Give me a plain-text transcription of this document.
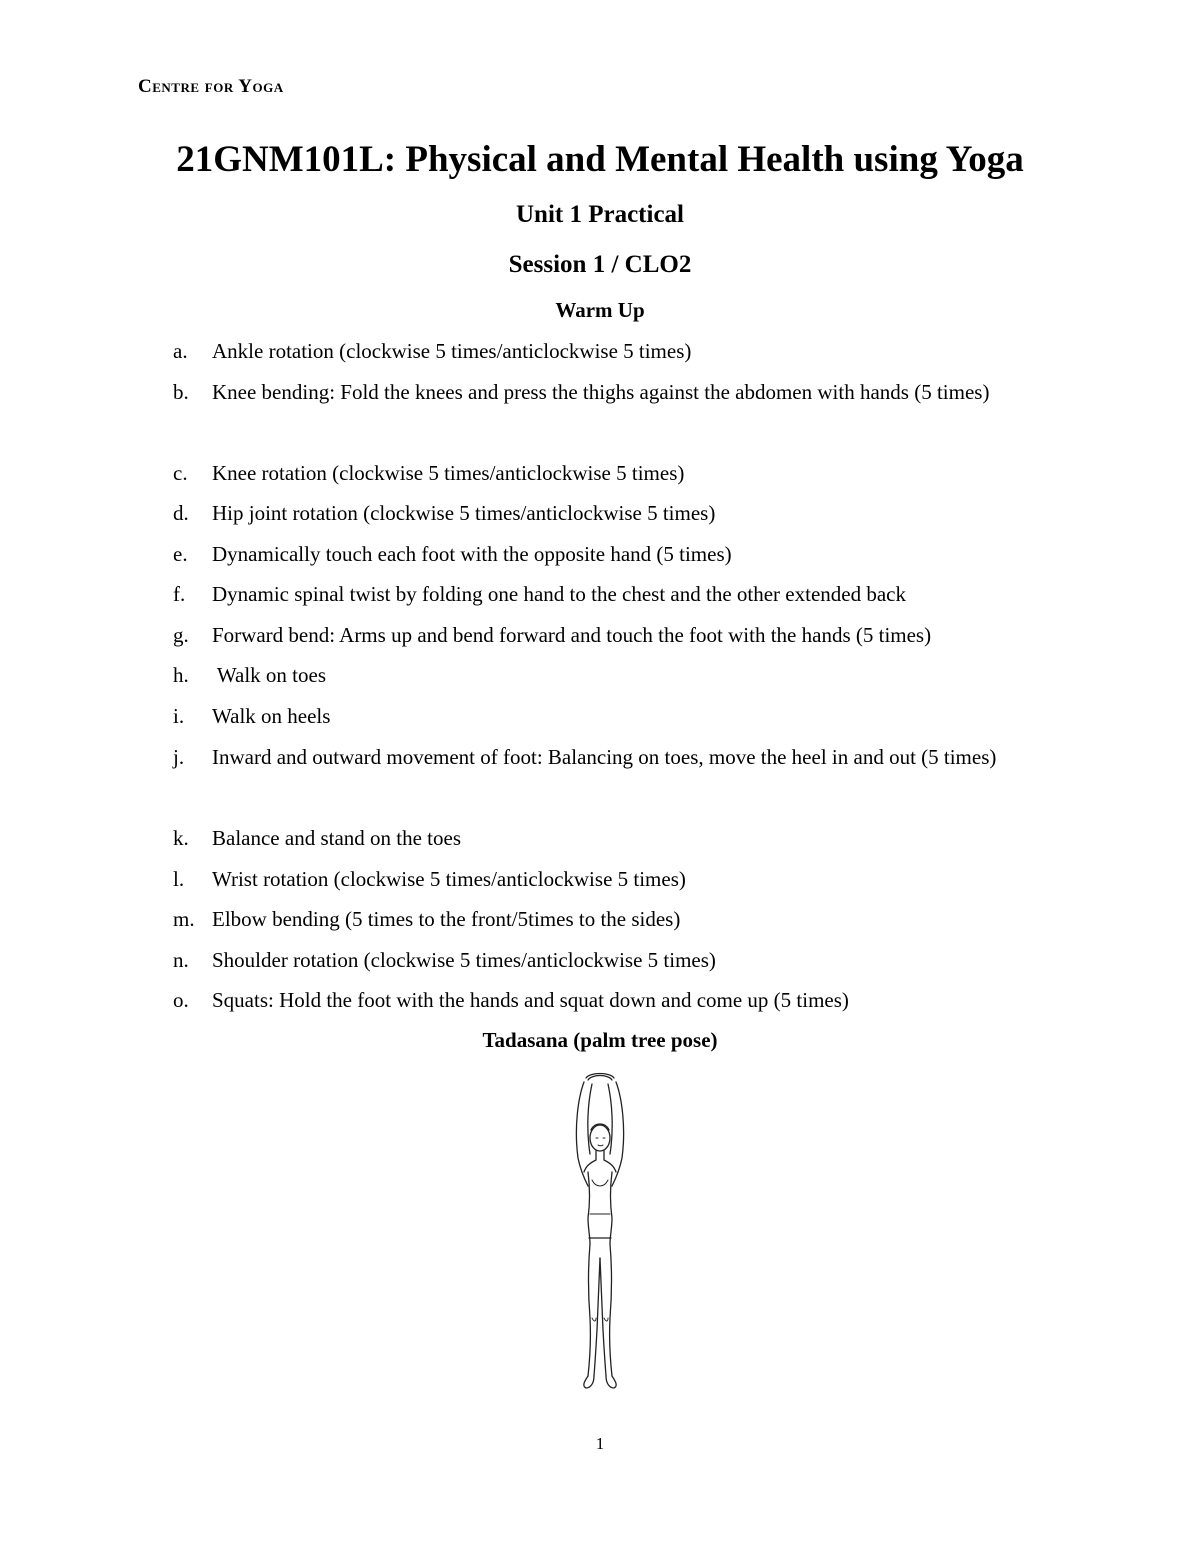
Centre for Yoga
21GNM101L: Physical and Mental Health using Yoga
Unit 1 Practical
Session 1 / CLO2
Warm Up
a. Ankle rotation (clockwise 5 times/anticlockwise 5 times)
b. Knee bending: Fold the knees and press the thighs against the abdomen with hands (5 times)
c. Knee rotation (clockwise 5 times/anticlockwise 5 times)
d. Hip joint rotation (clockwise 5 times/anticlockwise 5 times)
e. Dynamically touch each foot with the opposite hand (5 times)
f. Dynamic spinal twist by folding one hand to the chest and the other extended back
g. Forward bend: Arms up and bend forward and touch the foot with the hands (5 times)
h. Walk on toes
i. Walk on heels
j. Inward and outward movement of foot: Balancing on toes, move the heel in and out (5 times)
k. Balance and stand on the toes
l. Wrist rotation (clockwise 5 times/anticlockwise 5 times)
m. Elbow bending (5 times to the front/5times to the sides)
n. Shoulder rotation (clockwise 5 times/anticlockwise 5 times)
o. Squats: Hold the foot with the hands and squat down and come up (5 times)
Tadasana (palm tree pose)
1
